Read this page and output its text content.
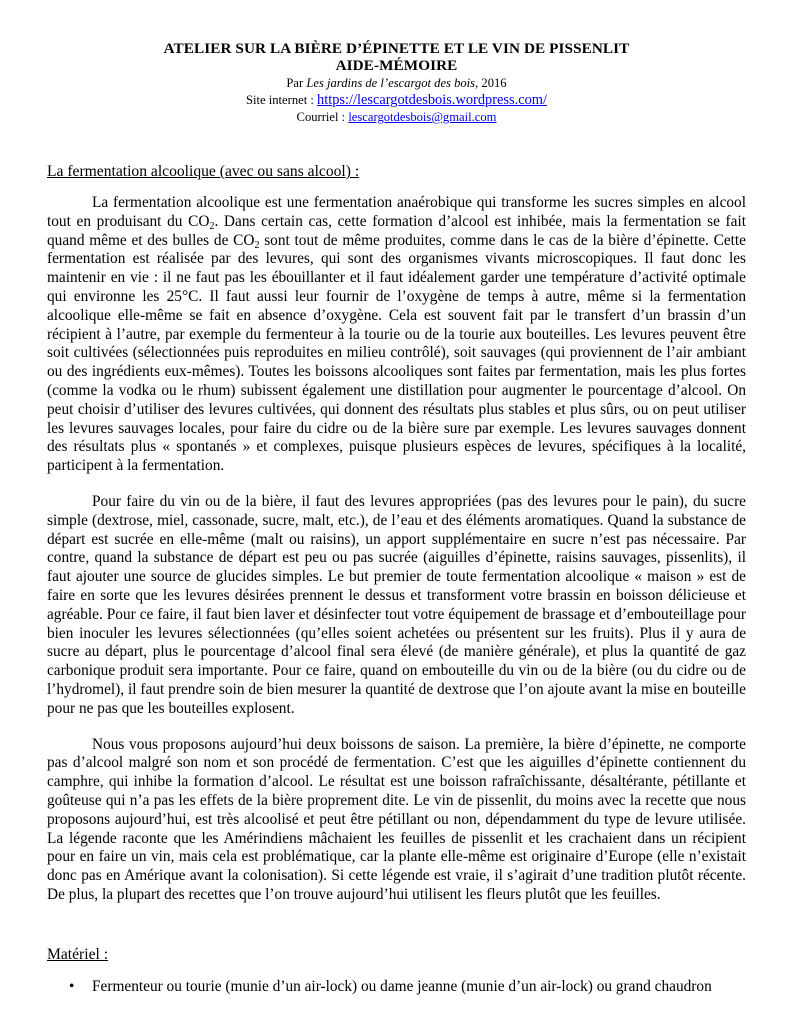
ATELIER SUR LA BIÈRE D’ÉPINETTE ET LE VIN DE PISSENLIT
AIDE-MÉMOIRE
Par Les jardins de l’escargot des bois, 2016
Site internet : https://lescargotdesbois.wordpress.com/
Courriel : lescargotdesbois@gmail.com
La fermentation alcoolique (avec ou sans alcool) :

La fermentation alcoolique est une fermentation anaérobique qui transforme les sucres simples en alcool tout en produisant du $CO_2$. Dans certain cas, cette formation d’alcool est inhibée, mais la fermentation se fait quand même et des bulles de $CO_2$ sont tout de même produites, comme dans le cas de la bière d’épinette. Cette fermentation est réalisée par des levures, qui sont des organismes vivants microscopiques. Il faut donc les maintenir en vie : il ne faut pas les ébouillanter et il faut idéalement garder une température d’activité optimale qui environne les 25°C. Il faut aussi leur fournir de l’oxygène de temps à autre, même si la fermentation alcoolique elle-même se fait en absence d’oxygène. Cela est souvent fait par le transfert d’un brassin d’un récipient à l’autre, par exemple du fermenteur à la tourie ou de la tourie aux bouteilles. Les levures peuvent être soit cultivées (sélectionnées puis reproduites en milieu contrôlé), soit sauvages (qui proviennent de l’air ambiant ou des ingrédients eux-mêmes). Toutes les boissons alcooliques sont faites par fermentation, mais les plus fortes (comme la vodka ou le rhum) subissent également une distillation pour augmenter le pourcentage d’alcool. On peut choisir d’utiliser des levures cultivées, qui donnent des résultats plus stables et plus sûrs, ou on peut utiliser les levures sauvages locales, pour faire du cidre ou de la bière sure par exemple. Les levures sauvages donnent des résultats plus « spontanés » et complexes, puisque plusieurs espèces de levures, spécifiques à la localité, participent à la fermentation.

Pour faire du vin ou de la bière, il faut des levures appropriées (pas des levures pour le pain), du sucre simple (dextrose, miel, cassonade, sucre, malt, etc.), de l’eau et des éléments aromatiques. Quand la substance de départ est sucrée en elle-même (malt ou raisins), un apport supplémentaire en sucre n’est pas nécessaire. Par contre, quand la substance de départ est peu ou pas sucrée (aiguilles d’épinette, raisins sauvages, pissenlits), il faut ajouter une source de glucides simples. Le but premier de toute fermentation alcoolique « maison » est de faire en sorte que les levures désirées prennent le dessus et transforment votre brassin en boisson délicieuse et agréable. Pour ce faire, il faut bien laver et désinfecter tout votre équipement de brassage et d’embouteillage pour bien inoculer les levures sélectionnées (qu’elles soient achetées ou présentent sur les fruits). Plus il y aura de sucre au départ, plus le pourcentage d’alcool final sera élevé (de manière générale), et plus la quantité de gaz carbonique produit sera importante. Pour ce faire, quand on embouteille du vin ou de la bière (ou du cidre ou de l’hydromel), il faut prendre soin de bien mesurer la quantité de dextrose que l’on ajoute avant la mise en bouteille pour ne pas que les bouteilles explosent.

Nous vous proposons aujourd’hui deux boissons de saison. La première, la bière d’épinette, ne comporte pas d’alcool malgré son nom et son procédé de fermentation. C’est que les aiguilles d’épinette contiennent du camphre, qui inhibe la formation d’alcool. Le résultat est une boisson rafraîchissante, désaltérante, pétillante et goûteuse qui n’a pas les effets de la bière proprement dite. Le vin de pissenlit, du moins avec la recette que nous proposons aujourd’hui, est très alcoolisé et peut être pétillant ou non, dépendamment du type de levure utilisée. La légende raconte que les Amérindiens mâchaient les feuilles de pissenlit et les crachaient dans un récipient pour en faire un vin, mais cela est problématique, car la plante elle-même est originaire d’Europe (elle n’existait donc pas en Amérique avant la colonisation). Si cette légende est vraie, il s’agirait d’une tradition plutôt récente. De plus, la plupart des recettes que l’on trouve aujourd’hui utilisent les fleurs plutôt que les feuilles.

Matériel :
• Fermenteur ou tourie (munie d’un air-lock) ou dame jeanne (munie d’un air-lock) ou grand chaudron
